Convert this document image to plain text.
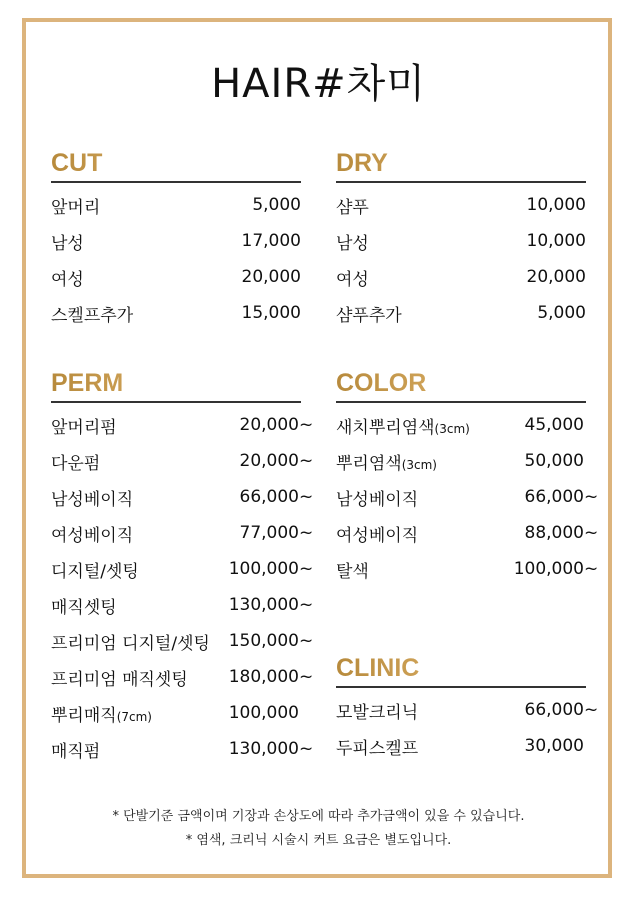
HAIR#차미
CUT
앞머리	5,000
남성	17,000
여성	20,000
스켈프추가	15,000
DRY
샴푸	10,000
남성	10,000
여성	20,000
샴푸추가	5,000
PERM
앞머리펌	20,000~
다운펌	20,000~
남성베이직	66,000~
여성베이직	77,000~
디지털/셋팅	100,000~
매직셋팅	130,000~
프리미엄 디지털/셋팅 150,000~
프리미엄 매직셋팅 180,000~
뿌리매직(7cm)	100,000
매직펌	130,000~
COLOR
새치뿌리염색(3cm)	45,000
뿌리염색(3cm)	50,000
남성베이직	66,000~
여성베이직	88,000~
탈색	100,000~
CLINIC
모발크리닉	66,000~
두피스켈프	30,000
* 단발기준 금액이며 기장과 손상도에 따라 추가금액이 있을 수 있습니다.
* 염색, 크리닉 시술시 커트 요금은 별도입니다.
